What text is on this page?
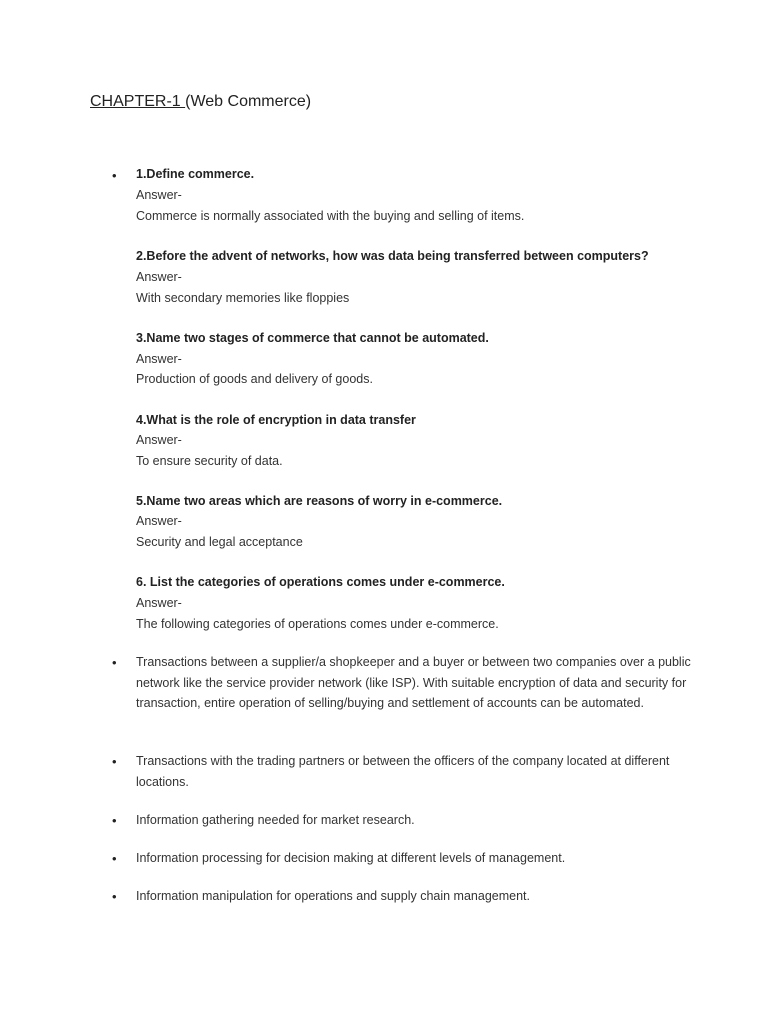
CHAPTER-1 (Web Commerce)
• 1.Define commerce.
Answer-
Commerce is normally associated with the buying and selling of items.
2.Before the advent of networks, how was data being transferred between computers?
Answer-
With secondary memories like floppies
3.Name two stages of commerce that cannot be automated.
Answer-
Production of goods and delivery of goods.
4.What is the role of encryption in data transfer
Answer-
To ensure security of data.
5.Name two areas which are reasons of worry in e-commerce.
Answer-
Security and legal acceptance
6. List the categories of operations comes under e-commerce.
Answer-
The following categories of operations comes under e-commerce.
• Transactions between a supplier/a shopkeeper and a buyer or between two companies over a public network like the service provider network (like ISP). With suitable encryption of data and security for transaction, entire operation of selling/buying and settlement of accounts can be automated.
• Transactions with the trading partners or between the officers of the company located at different locations.
• Information gathering needed for market research.
• Information processing for decision making at different levels of management.
• Information manipulation for operations and supply chain management.
